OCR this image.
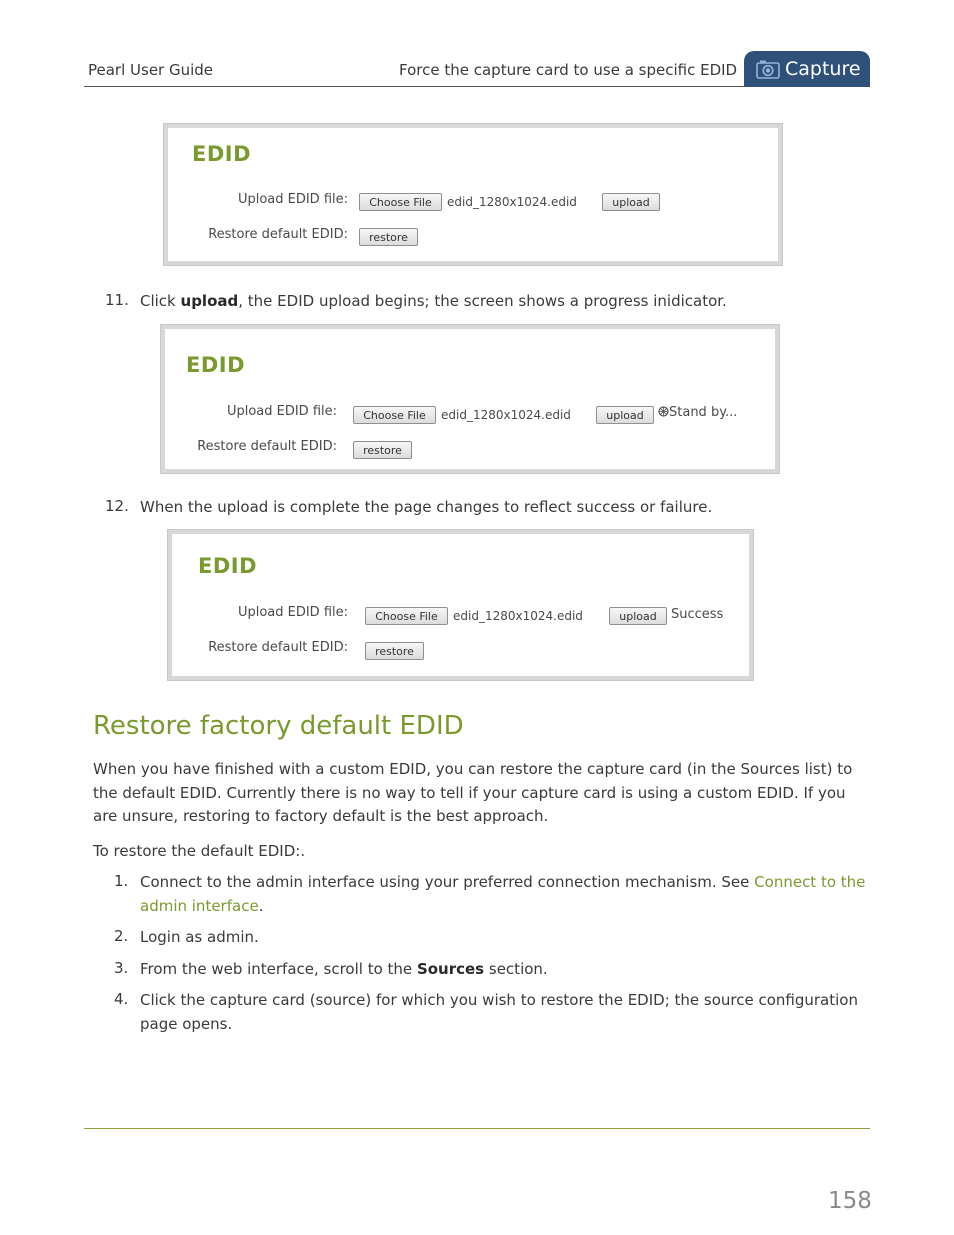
Pearl User Guide	Force the capture card to use a specific EDID	Capture
EDID
Upload EDID file:	Choose File	edid_1280x1024.edid	upload
Restore default EDID:	restore
11. Click upload, the EDID upload begins; the screen shows a progress inidicator.
EDID
Upload EDID file:	Choose File	edid_1280x1024.edid	upload	Stand by...
Restore default EDID:	restore
12. When the upload is complete the page changes to reflect success or failure.
EDID
Upload EDID file:	Choose File	edid_1280x1024.edid	upload	Success
Restore default EDID:	restore
Restore factory default EDID
When you have finished with a custom EDID, you can restore the capture card (in the Sources list) to the default EDID. Currently there is no way to tell if your capture card is using a custom EDID. If you are unsure, restoring to factory default is the best approach.
To restore the default EDID:.
1. Connect to the admin interface using your preferred connection mechanism. See Connect to the admin interface.
2. Login as admin.
3. From the web interface, scroll to the Sources section.
4. Click the capture card (source) for which you wish to restore the EDID; the source configuration page opens.
158
